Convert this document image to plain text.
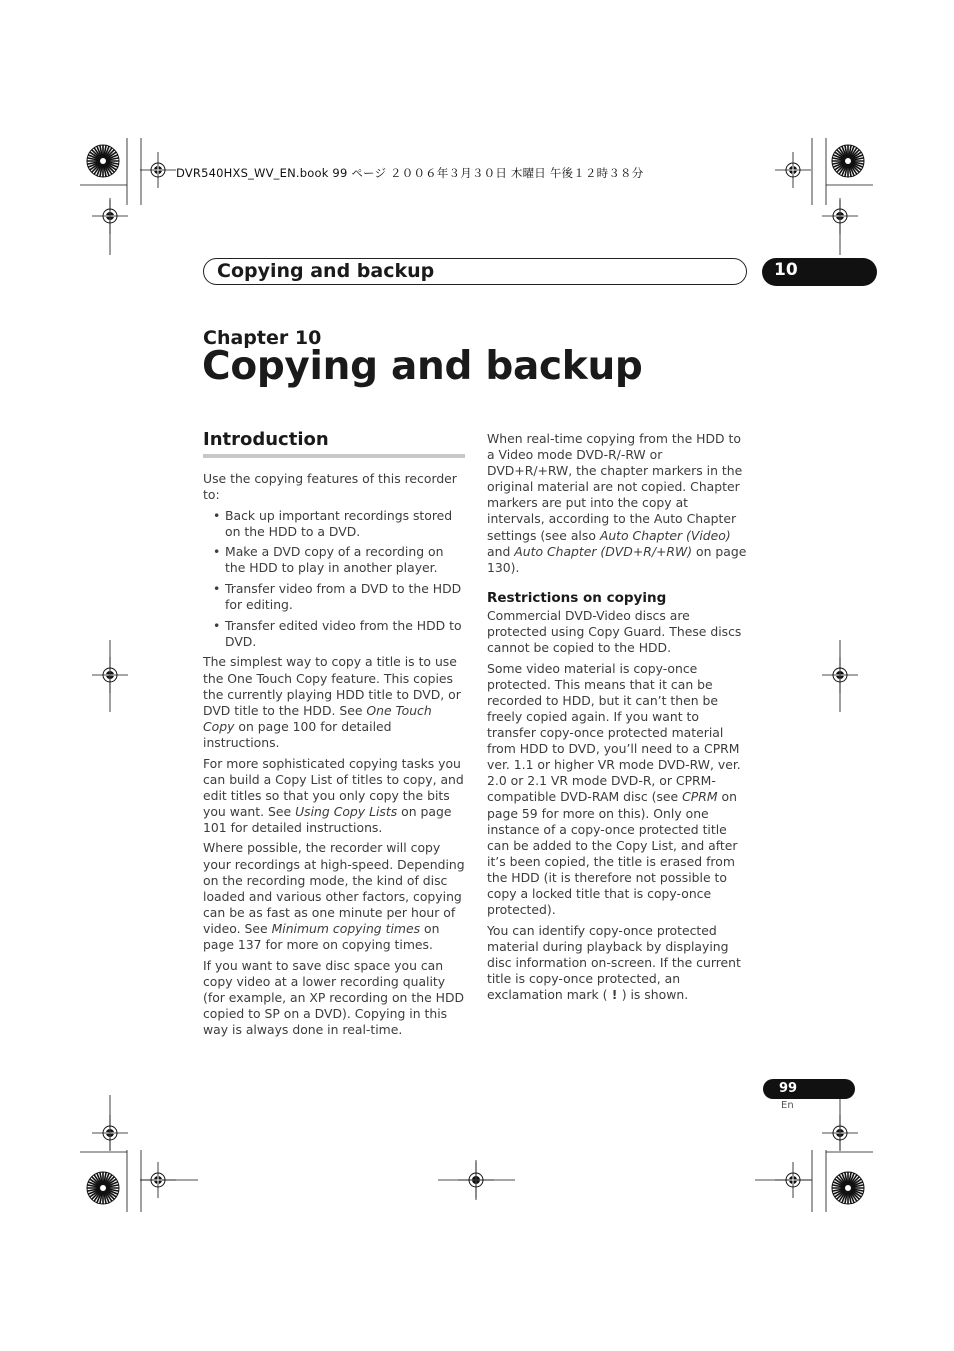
DVR540HXS_WV_EN.book 99 ページ ２００６年３月３０日 木曜日 午後１２時３８分
Copying and backup	10
Chapter 10
Copying and backup
Introduction

Use the copying features of this recorder to:

• Back up important recordings stored on the HDD to a DVD.
• Make a DVD copy of a recording on the HDD to play in another player.
• Transfer video from a DVD to the HDD for editing.
• Transfer edited video from the HDD to DVD.

The simplest way to copy a title is to use the One Touch Copy feature. This copies the currently playing HDD title to DVD, or DVD title to the HDD. See One Touch Copy on page 100 for detailed instructions.

For more sophisticated copying tasks you can build a Copy List of titles to copy, and edit titles so that you only copy the bits you want. See Using Copy Lists on page 101 for detailed instructions.

Where possible, the recorder will copy your recordings at high-speed. Depending on the recording mode, the kind of disc loaded and various other factors, copying can be as fast as one minute per hour of video. See Minimum copying times on page 137 for more on copying times.

If you want to save disc space you can copy video at a lower recording quality (for example, an XP recording on the HDD copied to SP on a DVD). Copying in this way is always done in real-time.

When real-time copying from the HDD to a Video mode DVD-R/-RW or DVD+R/+RW, the chapter markers in the original material are not copied. Chapter markers are put into the copy at intervals, according to the Auto Chapter settings (see also Auto Chapter (Video) and Auto Chapter (DVD+R/+RW) on page 130).

Restrictions on copying

Commercial DVD-Video discs are protected using Copy Guard. These discs cannot be copied to the HDD.

Some video material is copy-once protected. This means that it can be recorded to HDD, but it can’t then be freely copied again. If you want to transfer copy-once protected material from HDD to DVD, you’ll need to a CPRM ver. 1.1 or higher VR mode DVD-RW, ver. 2.0 or 2.1 VR mode DVD-R, or CPRM-compatible DVD-RAM disc (see CPRM on page 59 for more on this). Only one instance of a copy-once protected title can be added to the Copy List, and after it’s been copied, the title is erased from the HDD (it is therefore not possible to copy a locked title that is copy-once protected).

You can identify copy-once protected material during playback by displaying disc information on-screen. If the current title is copy-once protected, an exclamation mark ( ! ) is shown.

99
En
